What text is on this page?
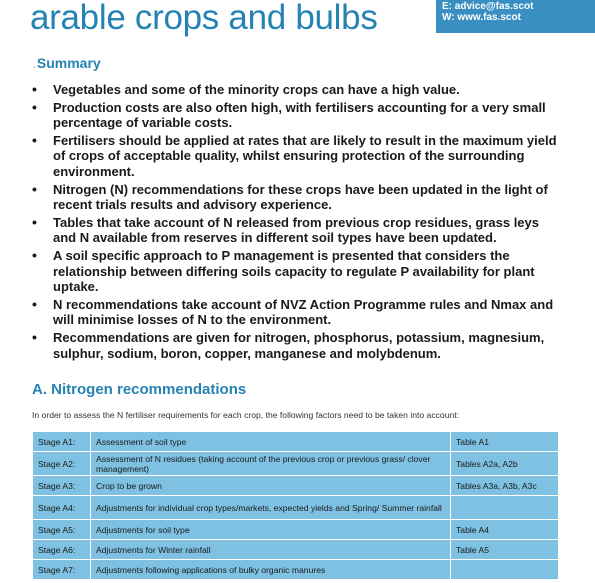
arable crops and bulbs	E: advice@fas.scot
W: www.fas.scot
.Summary
• Vegetables and some of the minority crops can have a high value.
• Production costs are also often high, with fertilisers accounting for a very small percentage of variable costs.
• Fertilisers should be applied at rates that are likely to result in the maximum yield of crops of acceptable quality, whilst ensuring protection of the surrounding environment.
• Nitrogen (N) recommendations for these crops have been updated in the light of recent trials results and advisory experience.
• Tables that take account of N released from previous crop residues, grass leys and N available from reserves in different soil types have been updated.
• A soil specific approach to P management is presented that considers the relationship between differing soils capacity to regulate P availability for plant uptake.
• N recommendations take account of NVZ Action Programme rules and Nmax and will minimise losses of N to the environment.
• Recommendations are given for nitrogen, phosphorus, potassium, magnesium, sulphur, sodium, boron, copper, manganese and molybdenum.
A. Nitrogen recommendations
In order to assess the N fertiliser requirements for each crop, the following factors need to be taken into account:
Stage A1:	Assessment of soil type	Table A1
Stage A2:	Assessment of N residues (taking account of the previous crop or previous grass/ clover management)	Tables A2a, A2b
Stage A3:	Crop to be grown	Tables A3a, A3b, A3c
Stage A4:	Adjustments for individual crop types/markets, expected yields and Spring/ Summer rainfall	
Stage A5:	Adjustments for soil type	Table A4
Stage A6:	Adjustments for Winter rainfall	Table A5
Stage A7:	Adjustments following applications of bulky organic manures	
